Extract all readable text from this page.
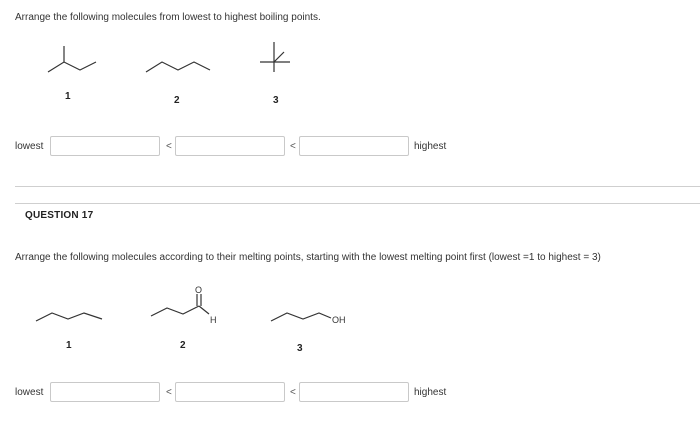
Arrange the following molecules from lowest to highest boiling points.
1	2	3
lowest	<	<	highest
QUESTION 17
Arrange the following molecules according to their melting points, starting with the lowest melting point first (lowest =1 to highest = 3)
1
O
H
2
OH
3
lowest	<	<	highest
